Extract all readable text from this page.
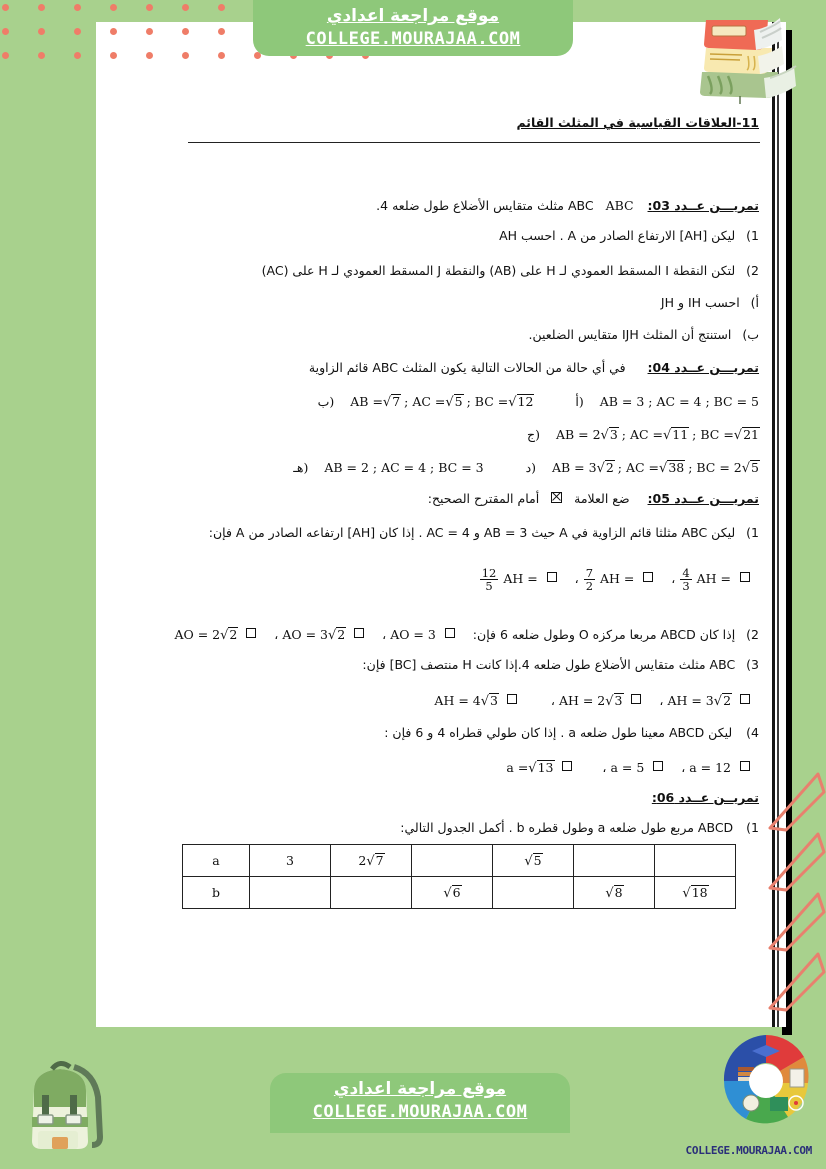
موقع مراجعة اعدادي
COLLEGE.MOURAJAA.COM
موقع مراجعة اعدادي
COLLEGE.MOURAJAA.COM
COLLEGE.MOURAJAA.COM
11-العلاقات القياسية في المثلث القائم
تمريـــن عــدد 03:  ABC  ABC مثلث متقايس الأضلاع طول ضلعه 4.
1)  ليكن [AH] الارتفاع الصادر من A . احسب AH
2)  لتكن النقطة I المسقط العمودي لـ H على (AB) والنقطة J المسقط العمودي لـ H على (AC)
أ)  احسب IH و JH
ب)  استنتج أن المثلث IJH متقايس الضلعين.
تمريـــن عــدد 04:  في أي حالة من الحالات التالية يكون المثلث ABC قائم الزاوية
أ) AB = 3 ; AC = 4 ; BC = 5  ب)  AB =√7 ; AC =√5 ; BC =√12
ج)  AB = 2√3 ; AC =√11 ; BC =√21
د)  AB = 3√2 ; AC =√38 ; BC = 2√5  هـ) AB = 2 ; AC = 4 ; BC = 3
تمريـــن عــدد 05:  ضع العلامة    أمام المقترح الصحيح:
1)  ليكن ABC مثلثا قائم الزاوية في A حيث AB = 3 و AC = 4 . إذا كان [AH] ارتفاعه الصادر من A فإن:
AH =
$\frac{4}{3}$
،  AH =
$\frac{7}{2}$
،  AH =
$\frac{12}{5}$
2)  إذا كان ABCD مربعا مركزه O وطول ضلعه 6 فإن:   AO = 3 ،  AO = 3√2 ،  AO = 2√2
3)  ABC مثلث متقايس الأضلاع طول ضلعه 4.إذا كانت H منتصف [BC] فإن:
AH = 3√2 ،  AH = 2√3 ،  AH = 4√3
4)  ليكن ABCD معينا طول ضلعه a . إذا كان طولي قطراه 4 و 6 فإن :
a = 12 ،  a = 5 ،  a =√13
تمريــن عــدد 06:
1)  ABCD مربع طول ضلعه a وطول قطره b . أكمل الجدول التالي:
a	3	2√7		√5		
b			√6		√8	√18
